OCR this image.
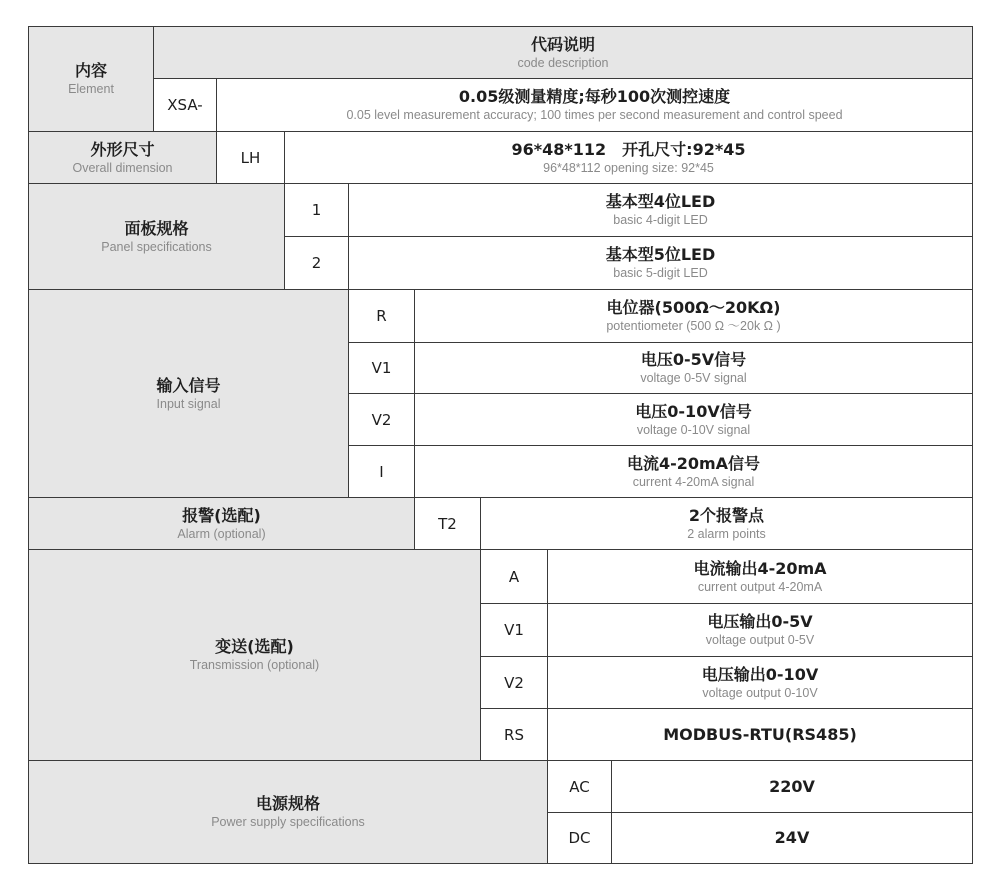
内容
Element
代码说明
code description
XSA-	0.05级测量精度;每秒100次测控速度
0.05 level measurement accuracy; 100 times per second measurement and control speed
外形尺寸
Overall dimension
LH	96*48*112　开孔尺寸:92*45
96*48*112 opening size: 92*45
面板规格
Panel specifications
1	基本型4位LED
basic 4-digit LED
2	基本型5位LED
basic 5-digit LED
输入信号
Input signal
R	电位器(500Ω～20KΩ)
potentiometer (500 Ω ～20k Ω )
V1	电压0-5V信号
voltage 0-5V signal
V2	电压0-10V信号
voltage 0-10V signal
I	电流4-20mA信号
current 4-20mA signal
报警(选配)
Alarm (optional)
T2	2个报警点
2 alarm points
变送(选配)
Transmission (optional)
A	电流输出4-20mA
current output 4-20mA
V1	电压输出0-5V
voltage output 0-5V
V2	电压输出0-10V
voltage output 0-10V
RS	MODBUS-RTU(RS485)
电源规格
Power supply specifications
AC	220V
DC	24V
